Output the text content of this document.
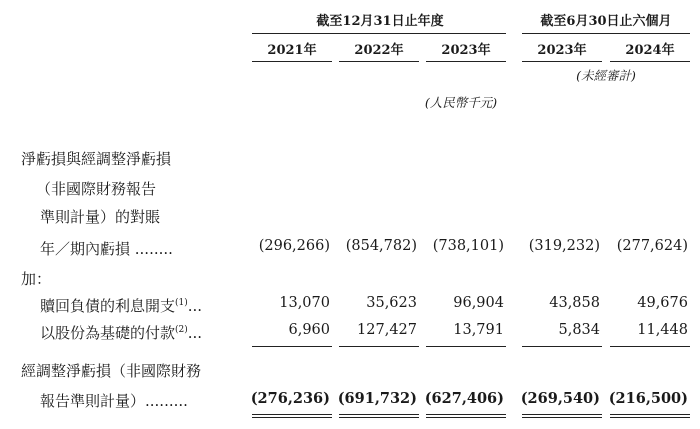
截至12月31日止年度	截至6月30日止六個月
2021年	2022年	2023年	2023年	2024年
(未經審計)
(人民幣千元)
淨虧損與經調整淨虧損
（非國際財務報告
準則計量）的對賬
年／期內虧損 ........	(296,266)	(854,782)	(738,101)	(319,232)	(277,624)
加：
贖回負債的利息開支$^{(1)}$...	13,070	35,623	96,904	43,858	49,676
以股份為基礎的付款$^{(2)}$...	6,960	127,427	13,791	5,834	11,448
經調整淨虧損（非國際財務
報告準則計量）.........	(276,236) (691,732) (627,406)	(269,540) (216,500)
